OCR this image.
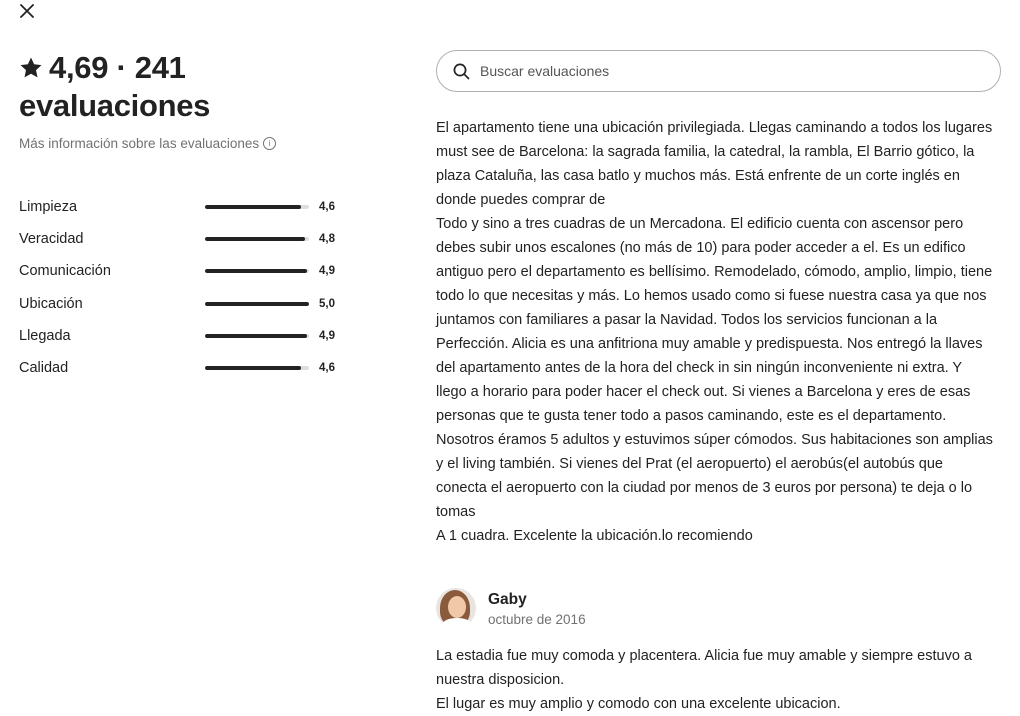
4,69 · 241
evaluaciones
Más información sobre las evaluaciones	i
Limpieza	4,6
Veracidad	4,8
Comunicación	4,9
Ubicación	5,0
Llegada	4,9
Calidad	4,6
Buscar evaluaciones

El apartamento tiene una ubicación privilegiada. Llegas caminando a todos los lugares must see de Barcelona: la sagrada familia, la catedral, la rambla, El Barrio gótico, la plaza Cataluña, las casa batlo y muchos más. Está enfrente de un corte inglés en donde puedes comprar de

Todo y sino a tres cuadras de un Mercadona. El edificio cuenta con ascensor pero debes subir unos escalones (no más de 10) para poder acceder a el. Es un edifico antiguo pero el departamento es bellísimo. Remodelado, cómodo, amplio, limpio, tiene todo lo que necesitas y más. Lo hemos usado como si fuese nuestra casa ya que nos juntamos con familiares a pasar la Navidad. Todos los servicios funcionan a la

Perfección. Alicia es una anfitriona muy amable y predispuesta. Nos entregó la llaves del apartamento antes de la hora del check in sin ningún inconveniente ni extra. Y llego a horario para poder hacer el check out. Si vienes a Barcelona y eres de esas personas que te gusta tener todo a pasos caminando, este es el departamento. Nosotros éramos 5 adultos y estuvimos súper cómodos. Sus habitaciones son amplias y el living también. Si vienes del Prat (el aeropuerto) el aerobús(el autobús que conecta el aeropuerto con la ciudad por menos de 3 euros por persona) te deja o lo tomas

A 1 cuadra. Excelente la ubicación.lo recomiendo

Gaby
octubre de 2016

La estadia fue muy comoda y placentera. Alicia fue muy amable y siempre estuvo a nuestra disposicion.

El lugar es muy amplio y comodo con una excelente ubicacion.
